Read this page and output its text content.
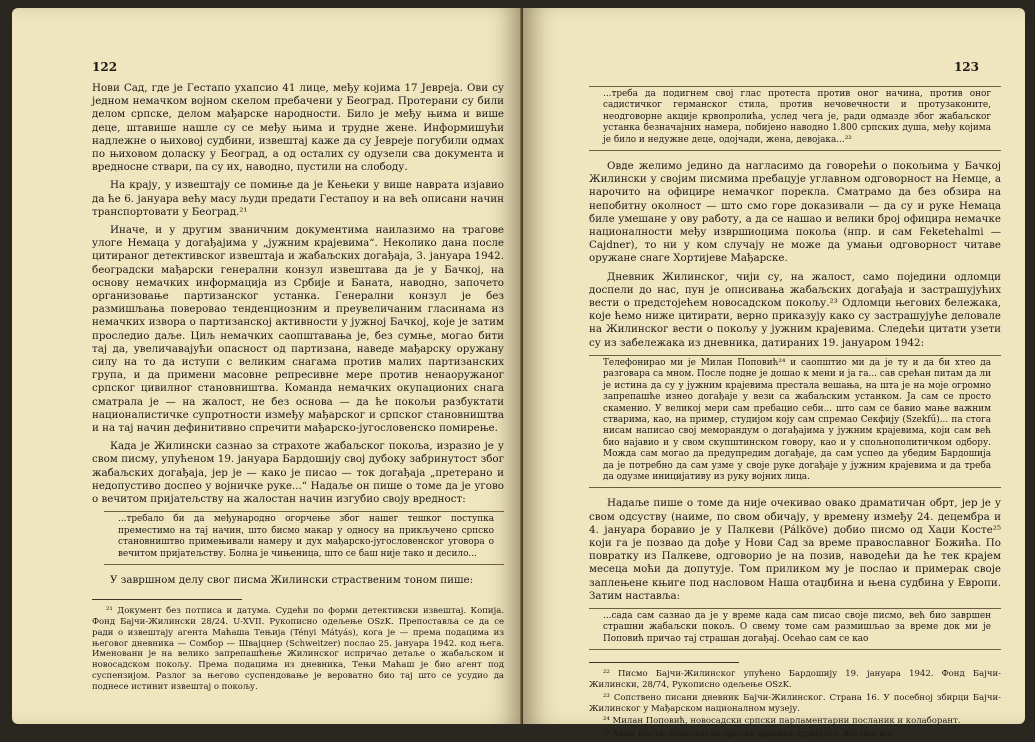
122

Нови Сад, где је Гестапо ухапсио 41 лице, међу којима 17 Јевреја. Ови су једном немачком војном скелом пребачени у Београд. Протерани су били делом српске, делом мађарске народности. Било је међу њима и више деце, штавише нашле су се међу њима и трудне жене. Информишући надлежне о њиховој судбини, извештај каже да су Јевреје погубили одмах по њиховом доласку у Београд, а од осталих су одузели сва документа и вредносне ствари, па су их, наводно, пустили на слободу.

На крају, у извештају се помиње да је Кењеки у више наврата изјавио да ће 6. јануара већу масу људи предати Гестапоу и на већ описани начин транспортовати у Београд.²¹

Иначе, и у другим званичним документима наилазимо на трагове улоге Немаца у догађајима у „јужним крајевима“. Неколико дана после цитираног детективског извештаја и жабаљских догађаја, 3. јануара 1942. београдски мађарски генерални конзул извештава да је у Бачкој, на основу немачких информација из Србије и Баната, наводно, започето организовање партизанског устанка. Генерални конзул је без размишљања поверовао тенденциозним и преувеличаним гласинама из немачких извора о партизанској активности у јужној Бачкој, које је затим проследио даље. Циљ немачких саопштавања је, без сумње, могао бити тај да, увеличавајући опасност од партизана, наведе мађарску оружану силу на то да иступи с великим снагама против малих партизанских група, и да примени масовне репресивне мере против ненаоружаног српског цивилног становништва. Команда немачких окупационих снага сматрала је — на жалост, не без основа — да ће покољи разбуктати националистичке супротности између мађарског и српског становништва и на тај начин дефинитивно спречити мађарско-југословенско помирење.

Када је Жилински сазнао за страхоте жабаљског покоља, изразио је у свом писму, упућеном 19. јануара Бардошију свој дубоку забринутост због жабаљских догађаја, јер је — како је писао — ток догађаја „претерано и недопустиво доспео у војничке руке...“ Надаље он пише о томе да је угово о вечитом пријатељству на жалостан начин изгубио своју вредност:

...требало би да међународно огорчење због нашег тешког поступка преместимо на тај начин, што бисмо макар у односу на прикључено српско становништво примењивали намеру и дух мађарско-југословенског уговора о вечитом пријатељству. Болна је чињеница, што се баш није тако и десило...

У завршном делу свог писма Жилински страственим тоном пише:

²¹ Документ без потписа и датума. Судећи по форми детективски извештај. Копија. Фонд Бајчи-Жилински 28/24. U-XVII. Рукописно одељење OSzK. Препостављa се да се ради о извештају агента Маћаша Тењија (Tényi Mátyás), кога је — према подацима из његовог дневника — Сомбор — Швајцнер (Schweitzer) послао 25. јануара 1942. код њега. Именовани је на велико запрепашћење Жилинског испричао детаље о жабаљском и новосадском покољу. Према подацима из дневника, Тењи Маћаш је био агент под суспензијом. Разлог за његово суспендовање је вероватно био тај што се усудио да поднесе истинит извештај о покољу.

123
...треба да подигнем свој глас протеста против оног начина, против оног садистичког германског стила, против нечовечности и протузаконите, неодговорне акције крвопролића, услед чега је, ради одмазде због жабаљског устанка безначајних намера, побијено наводно 1.800 српских душа, међу којима је било и недужне деце, одојчади, жена, девојака...²²

Овде желимо једино да нагласимо да говорећи о покољима у Бачкој Жилински у својим писмима пребацује углавном одговорност на Немце, а нарочито на официре немачког порекла. Сматрамо да без обзира на непобитну околност — што смо горе доказивали — да су и руке Немаца биле умешане у ову работу, а да се нашао и велики број официра немачке националности међу извршиоцима покоља (нпр. и сам Feketehalmi — Cajdner), то ни у ком случају не може да умањи одговорност читаве оружане снаге Хортијеве Мађарске.

Дневник Жилинског, чији су, на жалост, само поједини одломци доспели до нас, пун је описивања жабаљских догађаја и застрашујућих вести о предстојећем новосадском покољу.²³ Одломци његових бележака, које ћемо ниже цитирати, верно приказују како су застрашујуће деловале на Жилинског вести о покољу у јужним крајевима. Следећи цитати узети су из забележака из дневника, датираних 19. јануаром 1942:

Телефонирао ми је Милан Поповић²⁴ и саопштио ми да је ту и да би хтео да разговара са мном. После подне је дошао к мени и ја га... сав срећан питам да ли је истина да су у јужним крајевима престала вешања, на шта је на моје огромно запрепашће изнео догађаје у вези са жабаљским устанком. Ја сам се просто скаменио. У великој мери сам пребацио себи... што сам се бавио мање важним стварима, као, на пример, студијом коју сам спремао Секфију (Szekfű)... па стога нисам написао свој меморандум о догађајима у јужним крајевима, који сам већ био најавио и у свом скупштинском говору, као и у спољнополитичком одбору. Можда сам могао да предупредим догађаје, да сам успео да убедим Бардошија да је потребно да сам узме у своје руке догађаје у јужним крајевима и да треба да одузме иницијативу из руку војних лица.

Надаље пише о томе да није очекивао овако драматичан обрт, јер је у свом одсуству (наиме, по свом обичају, у времену између 24. децембра и 4. јануара боравио је у Палкеви (Pálköve) добио писмо од Хаџи Косте²⁵ који га је позвао да дође у Нови Сад за време православног Божића. По повратку из Палкеве, одговорио је на позив, наводећи да ће тек крајем месеца моћи да допутује. Том приликом му је послао и примерак своје заплењене књиге под насловом Нашa отаџбина и њена судбина у Европи. Затим наставља:

...сада сам сазнао да је у време када сам писао своје писмо, већ био завршен страшни жабаљски покољ. О свему томе сам размишљао за време док ми је Поповић причао тај страшан догађај. Осећао сам се као

²² Писмо Бајчи-Жилинског упућено Бардошију 19. јануара 1942. Фонд Бајчи-Жилински, 28/74, Рукописно одељење OSzK.

²³ Сопствено писани дневник Бајчи-Жилинског. Страна 16. У посебној збирци Бајчи-Жилинског у Мађарском националном музеју.

²⁴ Милан Поповић, новосадски српски парламентарни посланик и колаборант.

²⁵ Хаџи Коста, новосадски српски адвокат, пријатељ Жилинског.
